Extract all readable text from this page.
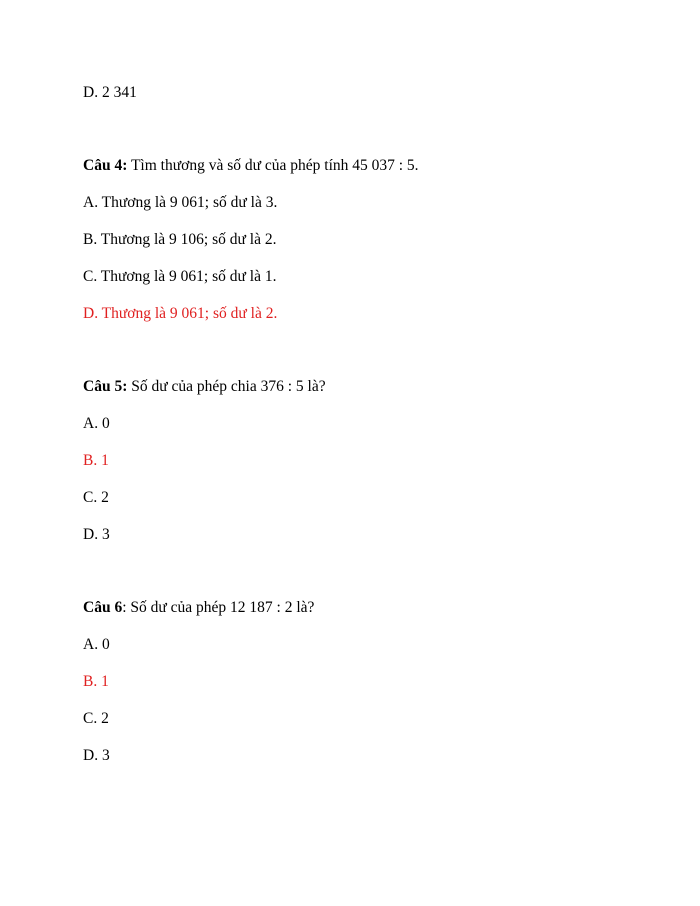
D. 2 341
Câu 4: Tìm thương và số dư của phép tính 45 037 : 5.
A. Thương là 9 061; số dư là 3.
B. Thương là 9 106; số dư là 2.
C. Thương là 9 061; số dư là 1.
D. Thương là 9 061; số dư là 2.
Câu 5: Số dư của phép chia 376 : 5 là?
A. 0
B. 1
C. 2
D. 3
Câu 6: Số dư của phép 12 187 : 2 là?
A. 0
B. 1
C. 2
D. 3
